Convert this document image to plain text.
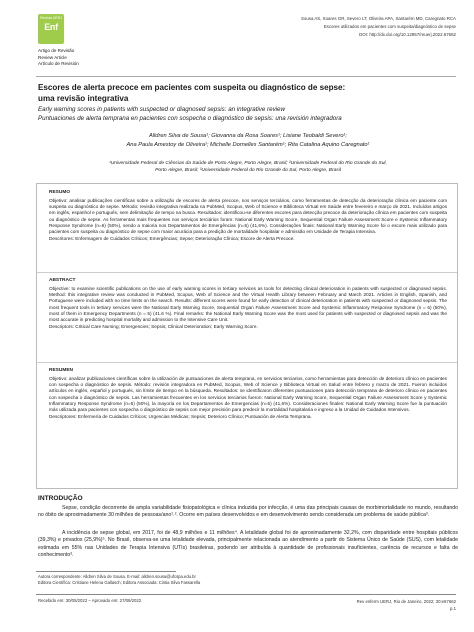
Revista UERJ
Enf
Artigo de Revisão
Review Article
Artículo de Revisión
Sousa AS, Soares GR, Severo LT, Oliveira APA, Santarém MD, Caregnato RCA
Escores utilizados em pacientes com suspeita/diagnóstico de sepse
DOI: http://dx.doi.org/10.12957/reuerj.2022.67662
Escores de alerta precoce em pacientes com suspeita ou diagnóstico de sepse:
uma revisão integrativa
Early warning scores in patients with suspected or diagnosed sepsis: an integrative review
Puntuaciones de alerta temprana en pacientes con sospecha o diagnóstico de sepsis: una revisión integradora
Alldren Silva de Sousa¹; Giovanna da Rosa Soares¹; Lisiane Teobaldi Severo¹;
Ana Paula Amestoy de Oliveira¹; Michelle Dornelles Santarém¹; Rita Catalina Aquino Caregnato¹
¹Universidade Federal de Ciências da Saúde de Porto Alegre, Porto Alegre, Brasil; ²Universidade Federal do Rio Grande do Sul,
Porto Alegre, Brasil; ³Universidade Federal do Rio Grande do Sul, Porto Alegre, Brasil
RESUMO
Objetivo: analisar publicações científicas sobre a utilização de escores de alerta precoce, nos serviços terciários, como ferramentas de detecção da deterioração clínica em paciente com suspeita ou diagnóstico de sepse. Método: revisão integrativa realizada na PubMed, Scopus, Web of Science e Biblioteca Virtual em Saúde entre fevereiro e março de 2021. Incluídos artigos em inglês, espanhol e português, sem delimitação de tempo na busca. Resultados: identificou-se diferentes escores para detecção precoce da deterioração clínica em pacientes com suspeita ou diagnóstico de sepse. As ferramentas mais frequentes nos serviços terciários foram: National Early Warning Score, Sequential Organ Failure Assessment Score e Systemic Inflammatory Response Syndrome (n=6) (50%), sendo a maioria nos Departamentos de Emergências (n=5) (41,6%). Considerações finais: National Early Warning Score foi o escore mais utilizado para pacientes com suspeita ou diagnóstico de sepse com maior acurácia para a predição de mortalidade hospitalar e admissão em Unidade de Terapia Intensiva.
Descritores: Enfermagem de Cuidados Críticos; Emergências; Sepse; Deterioração Clínica; Escore de Alerta Precoce.
ABSTRACT
Objective: to examine scientific publications on the use of early warning scores in tertiary services as tools for detecting clinical deterioration in patients with suspected or diagnosed sepsis. Method: this integrative review was conducted in PubMed, Scopus, Web of Science and the Virtual Health Library between February and March 2021. Articles in English, Spanish, and Portuguese were included with no time limits on the search. Results: different scores were found for early detection of clinical deterioration in patients with suspected or diagnosed sepsis. The most frequent tools in tertiary services were the National Early Warning Score, Sequential Organ Failure Assessment Score and Systemic Inflammatory Response Syndrome (n = 6) (50%), most of them in Emergency Departments (n = 5) (41.6 %). Final remarks: the National Early Warning Score was the most used for patients with suspected or diagnosed sepsis and was the most accurate in predicting hospital mortality and admission to the Intensive Care Unit.
Descriptors: Critical Care Nursing; Emergencies; Sepsis; Clinical Deterioration; Early Warning Score.
RESUMEN
Objetivo: analizar publicaciones científicas sobre la utilización de puntuaciones de alerta temprana, en servicios terciarios, como herramientas para detección de deterioro clínico en pacientes con sospecha o diagnóstico de sepsis. Método: revisión integradora en PubMed, Scopus, Web of Science y Biblioteca Virtual en Salud entre febrero y marzo de 2021. Fueron incluidos artículos en inglés, español y portugués, sin límite de tiempo en la búsqueda. Resultados: se identificaron diferentes puntuaciones para detección temprana de deterioro clínico en pacientes con sospecha o diagnóstico de sepsis. Las herramientas frecuentes en los servicios terciarios fueron: National Early Warning Score, Sequential Organ Failure Assessment Score y Systemic Inflammatory Response Syndrome (n=6) (50%), la mayoría en los Departamentos de Emergencias (n=5) (41,6%). Consideraciones finales: National Early Warning Score fue la puntuación más utilizada para pacientes con sospecha o diagnóstico de sepsis con mejor precisión para predecir la mortalidad hospitalaria e ingreso a la Unidad de Cuidados Intensivos.
Descriptores: Enfermería de Cuidados Críticos; Urgencias Médicas; Sepsis; Deterioro Clínico; Puntuación de Alerta Temprana.
INTRODUÇÃO
Sepse, condição decorrente de ampla variabilidade fisiopatológica e clínica induzida por infecção, é uma das principais causas de morbimortalidade no mundo, resultando no óbito de aproximadamente 30 milhões de pessoas/ano¹˒². Ocorre em países desenvolvidos e em desenvolvimento sendo considerada um problema de saúde pública³.
A incidência de sepse global, em 2017, foi de 48,9 milhões e 11 milhões⁴. A letalidade global foi de aproximadamente 32,2%, com disparidade entre hospitais públicos (39,3%) e privados (25,9%)⁵. No Brasil, observa-se uma letalidade elevada, principalmente relacionada ao atendimento a partir do Sistema Único de Saúde (SUS), com letalidade estimada em 55% nas Unidades de Terapia Intensiva (UTIs) brasileiras, podendo ser atribuída à quantidade de profissionais insuficientes, carência de recursos e falta de conhecimento³.
Autora correspondente: Alldren Silva de Sousa. E-mail: alldren.sousa@ufcspa.edu.br
Editora Científica: Cristiane Helena Gallasch; Editora Associada: Cintia Silva Fassarella
Recebido em: 30/05/2022 – Aprovado em: 27/09/2022	Rev enferm UERJ, Rio de Janeiro, 2022; 30:e67662
p.1
